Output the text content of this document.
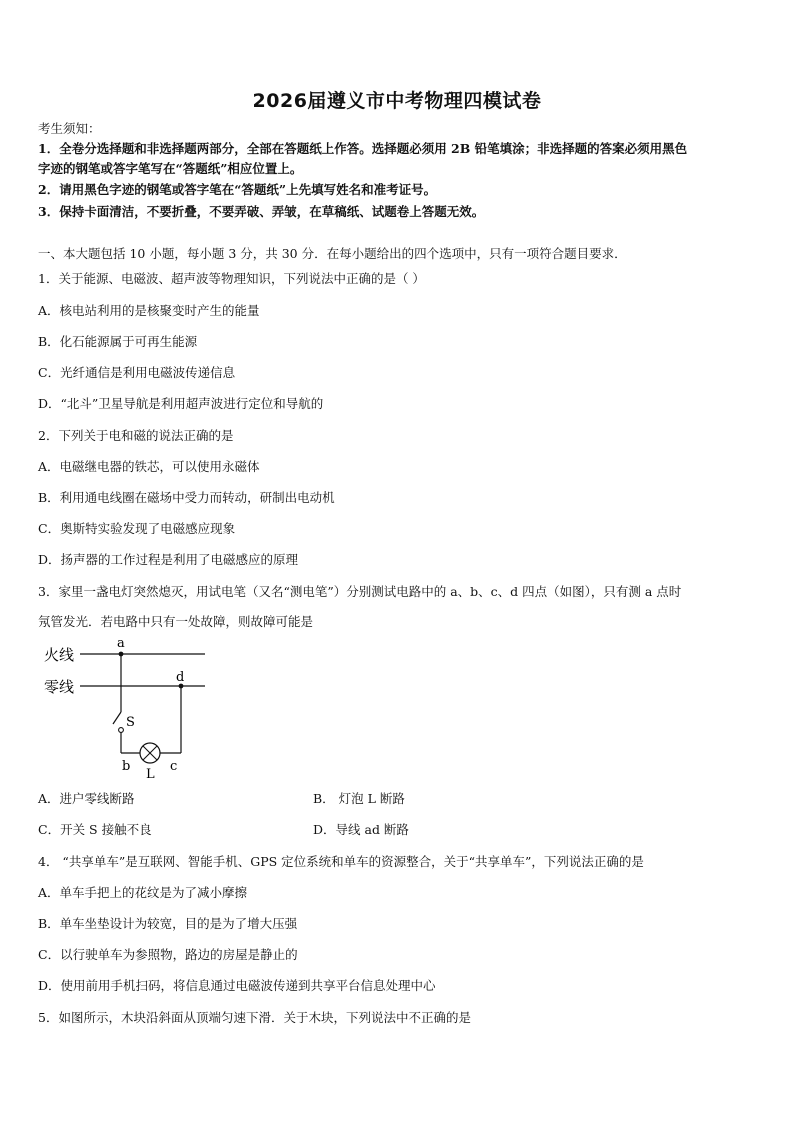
2026届遵义市中考物理四模试卷
考生须知：
1．全卷分选择题和非选择题两部分，全部在答题纸上作答。选择题必须用 2B 铅笔填涂；非选择题的答案必须用黑色
字迹的钢笔或答字笔写在“答题纸”相应位置上。
2．请用黑色字迹的钢笔或答字笔在“答题纸”上先填写姓名和准考证号。
3．保持卡面清洁，不要折叠，不要弄破、弄皱，在草稿纸、试题卷上答题无效。
一、本大题包括 10 小题，每小题 3 分，共 30 分．在每小题给出的四个选项中，只有一项符合题目要求．
1．关于能源、电磁波、超声波等物理知识，下列说法中正确的是（ ）
A．核电站利用的是核聚变时产生的能量
B．化石能源属于可再生能源
C．光纤通信是利用电磁波传递信息
D．“北斗”卫星导航是利用超声波进行定位和导航的
2．下列关于电和磁的说法正确的是
A．电磁继电器的铁芯，可以使用永磁体
B．利用通电线圈在磁场中受力而转动，研制出电动机
C．奥斯特实验发现了电磁感应现象
D．扬声器的工作过程是利用了电磁感应的原理
3．家里一盏电灯突然熄灭，用试电笔（又名“测电笔”）分别测试电路中的 a、b、c、d 四点（如图），只有测 a 点时
氖管发光．若电路中只有一处故障，则故障可能是
火线
零线
a
S
d
b
L
c
A．进户零线断路	B． 灯泡 L 断路
C．开关 S 接触不良	D．导线 ad 断路
4． “共享单车”是互联网、智能手机、GPS 定位系统和单车的资源整合，关于“共享单车”，下列说法正确的是
A．单车手把上的花纹是为了减小摩擦
B．单车坐垫设计为较宽，目的是为了增大压强
C．以行驶单车为参照物，路边的房屋是静止的
D．使用前用手机扫码，将信息通过电磁波传递到共享平台信息处理中心
5．如图所示，木块沿斜面从顶端匀速下滑．关于木块，下列说法中不正确的是
